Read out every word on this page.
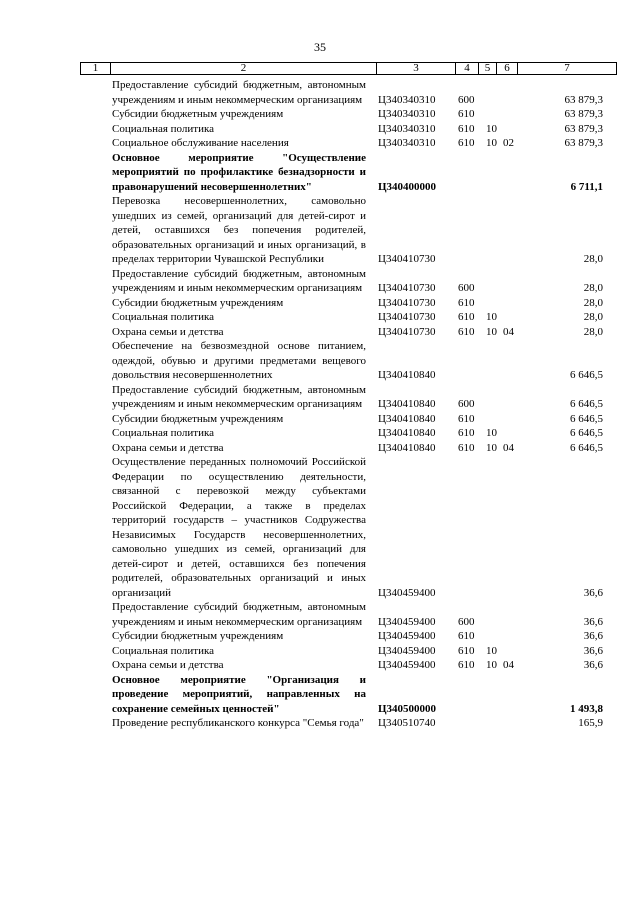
35
1	2	3	4	5	6	7
Предоставление субсидий бюджетным, автономным учреждениям и иным некоммерческим организациям	Ц340340310 600	63 879,3
Субсидии бюджетным учреждениям	Ц340340310 610	63 879,3
Социальная политика	Ц340340310 610 10	63 879,3
Социальное обслуживание населения	Ц340340310 610 10 02	63 879,3
Основное мероприятие "Осуществление мероприятий по профилактике безнадзорности и правонарушений несовершеннолетних"	Ц340400000	6 711,1
Перевозка несовершеннолетних, самовольно ушедших из семей, организаций для детей-сирот и детей, оставшихся без попечения родителей, образовательных организаций и иных организаций, в пределах территории Чувашской Республики	Ц340410730	28,0
Предоставление субсидий бюджетным, автономным учреждениям и иным некоммерческим организациям	Ц340410730 600	28,0
Субсидии бюджетным учреждениям	Ц340410730 610	28,0
Социальная политика	Ц340410730 610 10	28,0
Охрана семьи и детства	Ц340410730 610 10 04	28,0
Обеспечение на безвозмездной основе питанием, одеждой, обувью и другими предметами вещевого довольствия несовершеннолетних	Ц340410840	6 646,5
Предоставление субсидий бюджетным, автономным учреждениям и иным некоммерческим организациям	Ц340410840 600	6 646,5
Субсидии бюджетным учреждениям	Ц340410840 610	6 646,5
Социальная политика	Ц340410840 610 10	6 646,5
Охрана семьи и детства	Ц340410840 610 10 04	6 646,5
Осуществление переданных полномочий Российской Федерации по осуществлению деятельности, связанной с перевозкой между субъектами Российской Федерации, а также в пределах территорий государств – участников Содружества Независимых Государств несовершеннолетних, самовольно ушедших из семей, организаций для детей-сирот и детей, оставшихся без попечения родителей, образовательных организаций и иных организаций	Ц340459400	36,6
Предоставление субсидий бюджетным, автономным учреждениям и иным некоммерческим организациям	Ц340459400 600	36,6
Субсидии бюджетным учреждениям	Ц340459400 610	36,6
Социальная политика	Ц340459400 610 10	36,6
Охрана семьи и детства	Ц340459400 610 10 04	36,6
Основное мероприятие "Организация и проведение мероприятий, направленных на сохранение семейных ценностей"	Ц340500000	1 493,8
Проведение республиканского конкурса "Семья года" Ц340510740	165,9
